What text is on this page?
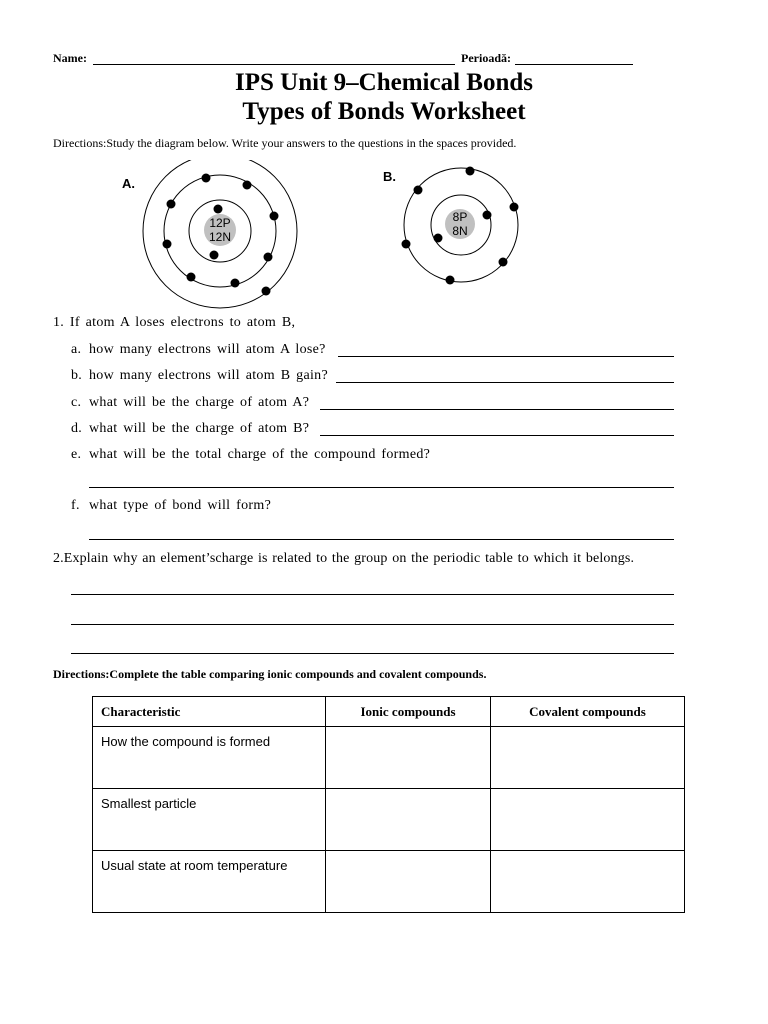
Name:	Perioadă:
IPS Unit 9–Chemical Bonds
Types of Bonds Worksheet
Directions:Study the diagram below. Write your answers to the questions in the spaces provided.
A.
12P
12N
B.
8P
8N
1. If atom A loses electrons to atom B,
a. how many electrons will atom A lose?
b. how many electrons will atom B gain?
c. what will be the charge of atom A?
d. what will be the charge of atom B?
e. what will be the total charge of the compound formed?
f. what type of bond will form?
2.Explain why an element’scharge is related to the group on the periodic table to which it belongs.
Directions:Complete the table comparing ionic compounds and covalent compounds.
Characteristic	Ionic compounds	Covalent compounds
How the compound is formed		
Smallest particle		
Usual state at room temperature		
